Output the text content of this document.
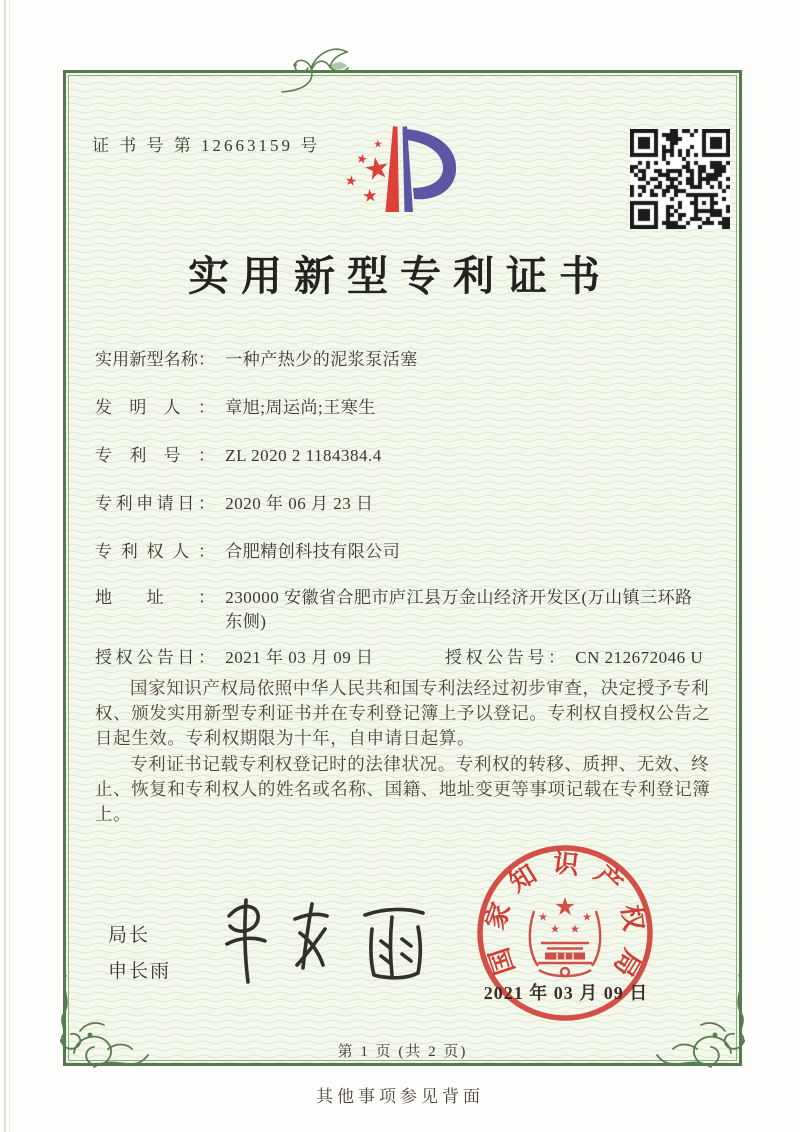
证 书 号 第 12663159 号
实用新型专利证书
实用新型名称： 一种产热少的泥浆泵活塞
发明人： 章旭;周运尚;王寒生
专利号： ZL 2020 2 1184384.4
专利申请日： 2020 年 06 月 23 日
专利权人： 合肥精创科技有限公司
地址： 230000 安徽省合肥市庐江县万金山经济开发区(万山镇三环路东侧)
授权公告日： 2021 年 03 月 09 日	授权公告号： CN 212672046 U
国家知识产权局依照中华人民共和国专利法经过初步审查，决定授予专利权、颁发实用新型专利证书并在专利登记簿上予以登记。专利权自授权公告之日起生效。专利权期限为十年，自申请日起算。
专利证书记载专利权登记时的法律状况。专利权的转移、质押、无效、终止、恢复和专利权人的姓名或名称、国籍、地址变更等事项记载在专利登记簿上。
局长
申长雨	国家知识产权局
2021 年 03 月 09 日
第 1 页 (共 2 页)
其他事项参见背面
